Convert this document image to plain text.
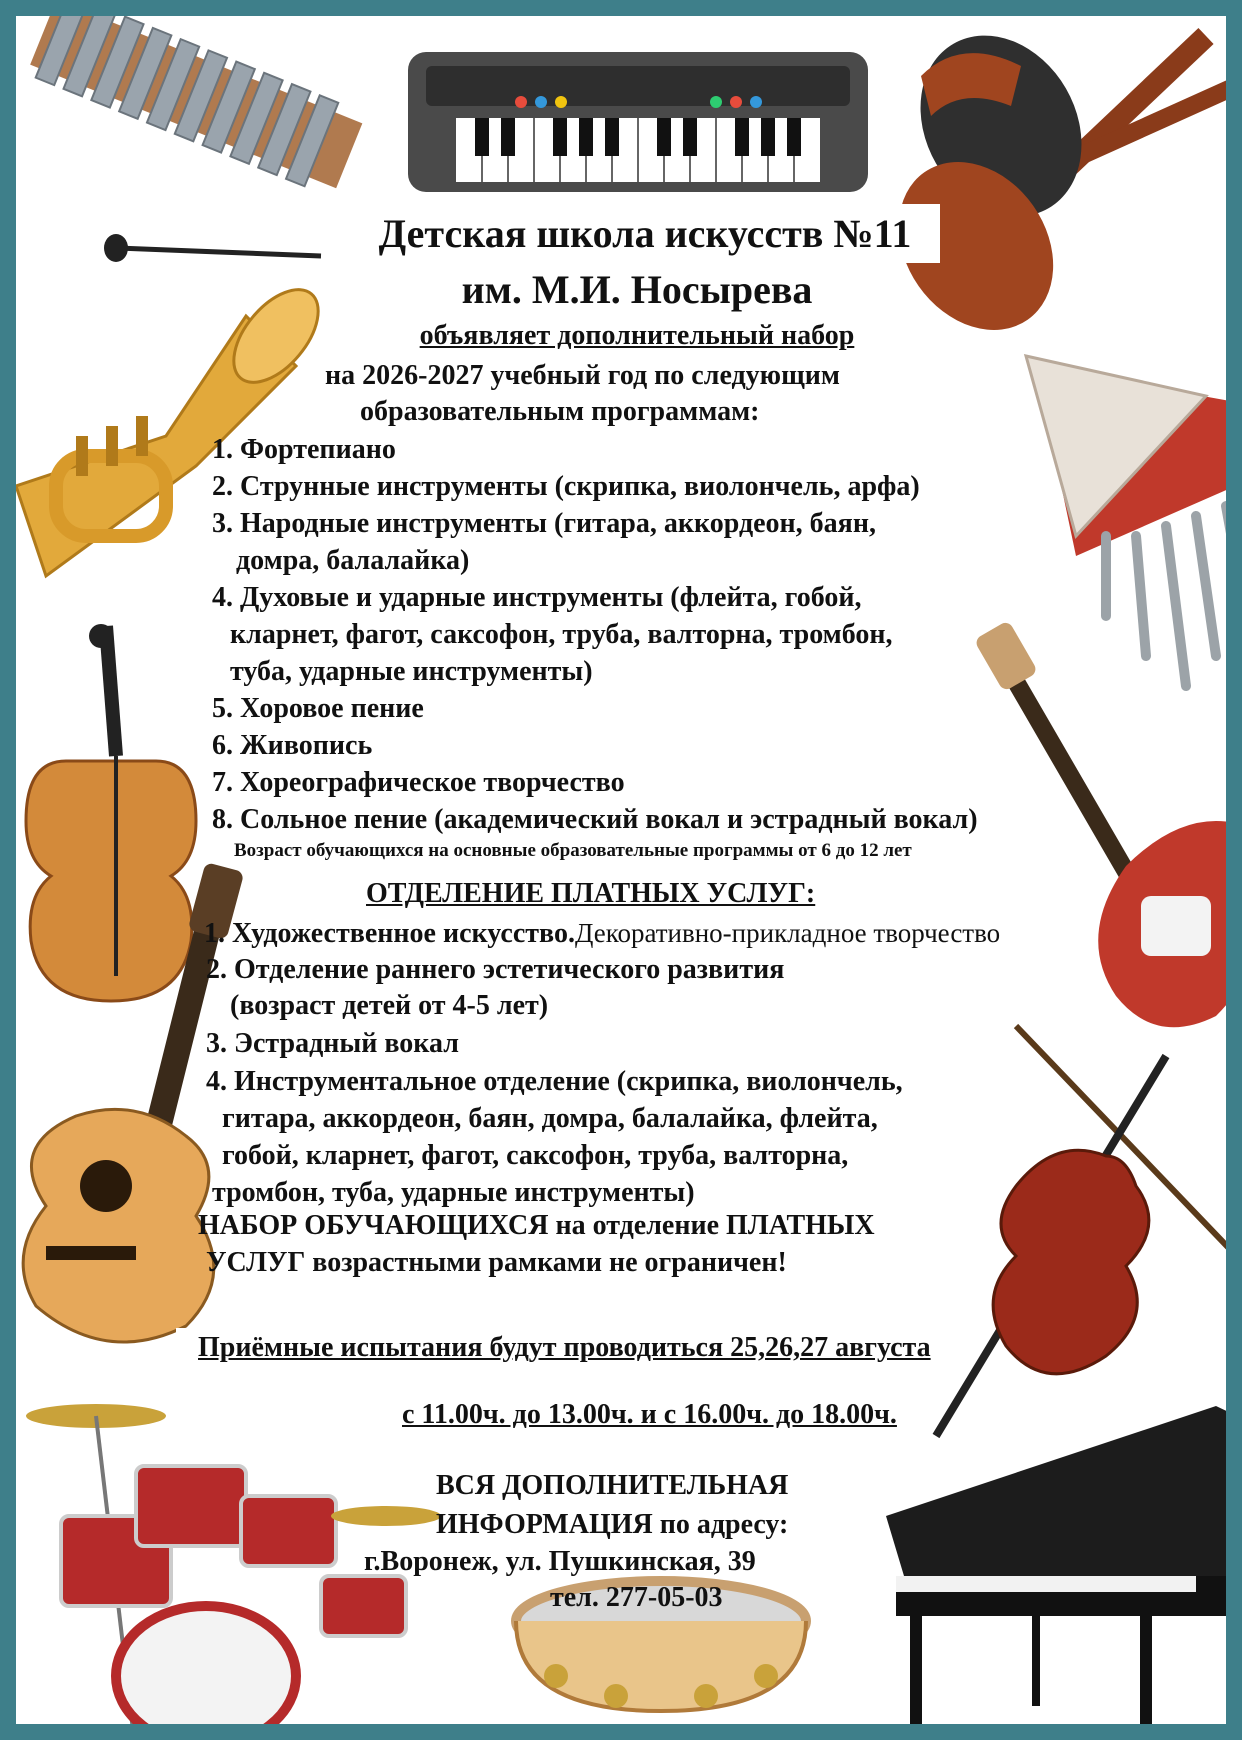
Детская школа искусств №11
им. М.И. Носырева
объявляет дополнительный набор
на 2026-2027 учебный год по следующим
образовательным программам:
1. Фортепиано
2. Струнные инструменты (скрипка, виолончель, арфа)
3. Народные инструменты (гитара, аккордеон, баян,
домра, балалайка)
4. Духовые и ударные инструменты (флейта, гобой,
кларнет, фагот, саксофон, труба, валторна, тромбон,
туба, ударные инструменты)
5. Хоровое пение
6. Живопись
7. Хореографическое творчество
8. Сольное пение (академический вокал и эстрадный вокал)
Возраст обучающихся на основные образовательные программы от 6 до 12 лет
ОТДЕЛЕНИЕ ПЛАТНЫХ УСЛУГ:
1. Художественное искусство.Декоративно-прикладное творчество
2. Отделение раннего эстетического развития
(возраст детей от 4-5 лет)
3. Эстрадный вокал
4. Инструментальное отделение (скрипка, виолончель,
гитара, аккордеон, баян, домра, балалайка, флейта,
гобой, кларнет, фагот, саксофон, труба, валторна,
тромбон, туба, ударные инструменты)
НАБОР ОБУЧАЮЩИХСЯ на отделение ПЛАТНЫХ
УСЛУГ возрастными рамками не ограничен!
Приёмные испытания будут проводиться 25,26,27 августа
с 11.00ч. до 13.00ч. и с 16.00ч. до 18.00ч.
ВСЯ ДОПОЛНИТЕЛЬНАЯ
ИНФОРМАЦИЯ по адресу:
г.Воронеж, ул. Пушкинская, 39
тел. 277-05-03
